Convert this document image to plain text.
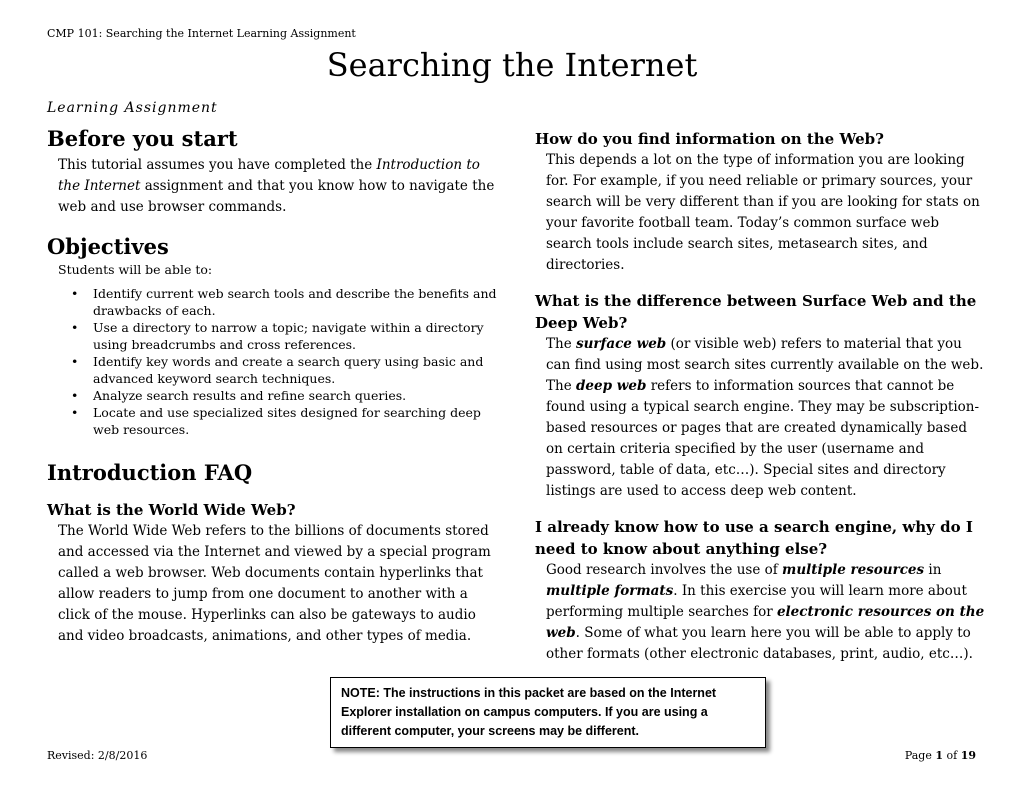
CMP 101: Searching the Internet Learning Assignment
Searching the Internet
Learning Assignment
Before you start

This tutorial assumes you have completed the Introduction to the Internet assignment and that you know how to navigate the web and use browser commands.

Objectives

Students will be able to:

• Identify current web search tools and describe the benefits and drawbacks of each.
• Use a directory to narrow a topic; navigate within a directory using breadcrumbs and cross references.
• Identify key words and create a search query using basic and advanced keyword search techniques.
• Analyze search results and refine search queries.
• Locate and use specialized sites designed for searching deep web resources.
Introduction FAQ
What is the World Wide Web?

The World Wide Web refers to the billions of documents stored and accessed via the Internet and viewed by a special program called a web browser. Web documents contain hyperlinks that allow readers to jump from one document to another with a click of the mouse. Hyperlinks can also be gateways to audio and video broadcasts, animations, and other types of media.

How do you find information on the Web?

This depends a lot on the type of information you are looking for. For example, if you need reliable or primary sources, your search will be very different than if you are looking for stats on your favorite football team. Today’s common surface web search tools include search sites, metasearch sites, and directories.

What is the difference between Surface Web and the Deep Web?

The surface web (or visible web) refers to material that you can find using most search sites currently available on the web. The deep web refers to information sources that cannot be found using a typical search engine. They may be subscription-based resources or pages that are created dynamically based on certain criteria specified by the user (username and password, table of data, etc…). Special sites and directory listings are used to access deep web content.

I already know how to use a search engine, why do I need to know about anything else?

Good research involves the use of multiple resources in multiple formats. In this exercise you will learn more about performing multiple searches for electronic resources on the web. Some of what you learn here you will be able to apply to other formats (other electronic databases, print, audio, etc…).

NOTE: The instructions in this packet are based on the Internet Explorer installation on campus computers. If you are using a different computer, your screens may be different.
Revised: 2/8/2016	Page 1 of 19
